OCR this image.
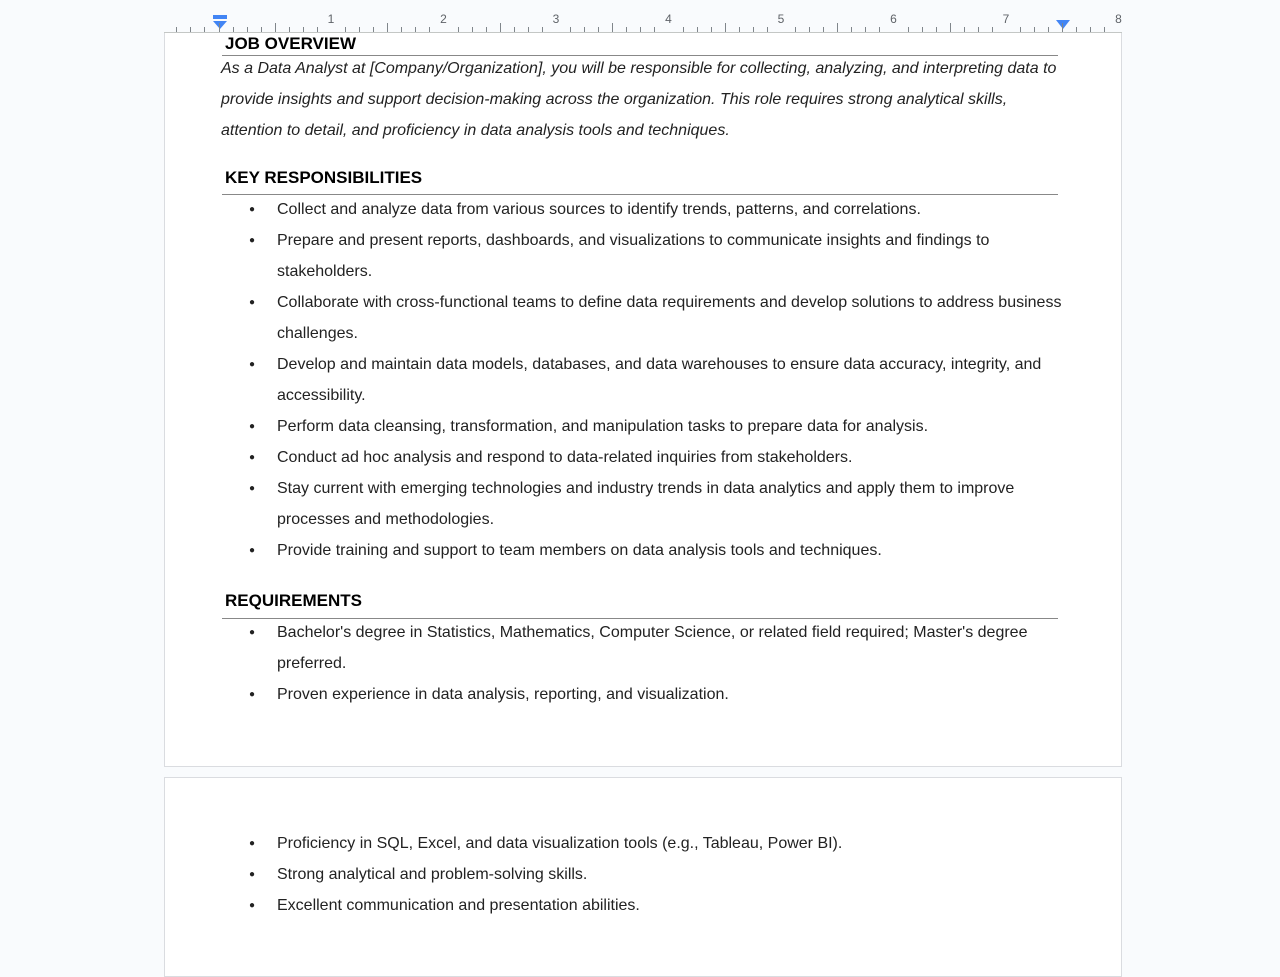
1	2	3	4	5	6	7	8
JOB OVERVIEW
As a Data Analyst at [Company/Organization], you will be responsible for collecting, analyzing, and interpreting data to provide insights and support decision-making across the organization. This role requires strong analytical skills, attention to detail, and proficiency in data analysis tools and techniques.
KEY RESPONSIBILITIES
● Collect and analyze data from various sources to identify trends, patterns, and correlations.
● Prepare and present reports, dashboards, and visualizations to communicate insights and findings to stakeholders.
● Collaborate with cross-functional teams to define data requirements and develop solutions to address business challenges.
● Develop and maintain data models, databases, and data warehouses to ensure data accuracy, integrity, and accessibility.
● Perform data cleansing, transformation, and manipulation tasks to prepare data for analysis.
● Conduct ad hoc analysis and respond to data-related inquiries from stakeholders.
● Stay current with emerging technologies and industry trends in data analytics and apply them to improve processes and methodologies.
● Provide training and support to team members on data analysis tools and techniques.
REQUIREMENTS
● Bachelor's degree in Statistics, Mathematics, Computer Science, or related field required; Master's degree preferred.
● Proven experience in data analysis, reporting, and visualization.
● Proficiency in SQL, Excel, and data visualization tools (e.g., Tableau, Power BI).
● Strong analytical and problem-solving skills.
● Excellent communication and presentation abilities.
